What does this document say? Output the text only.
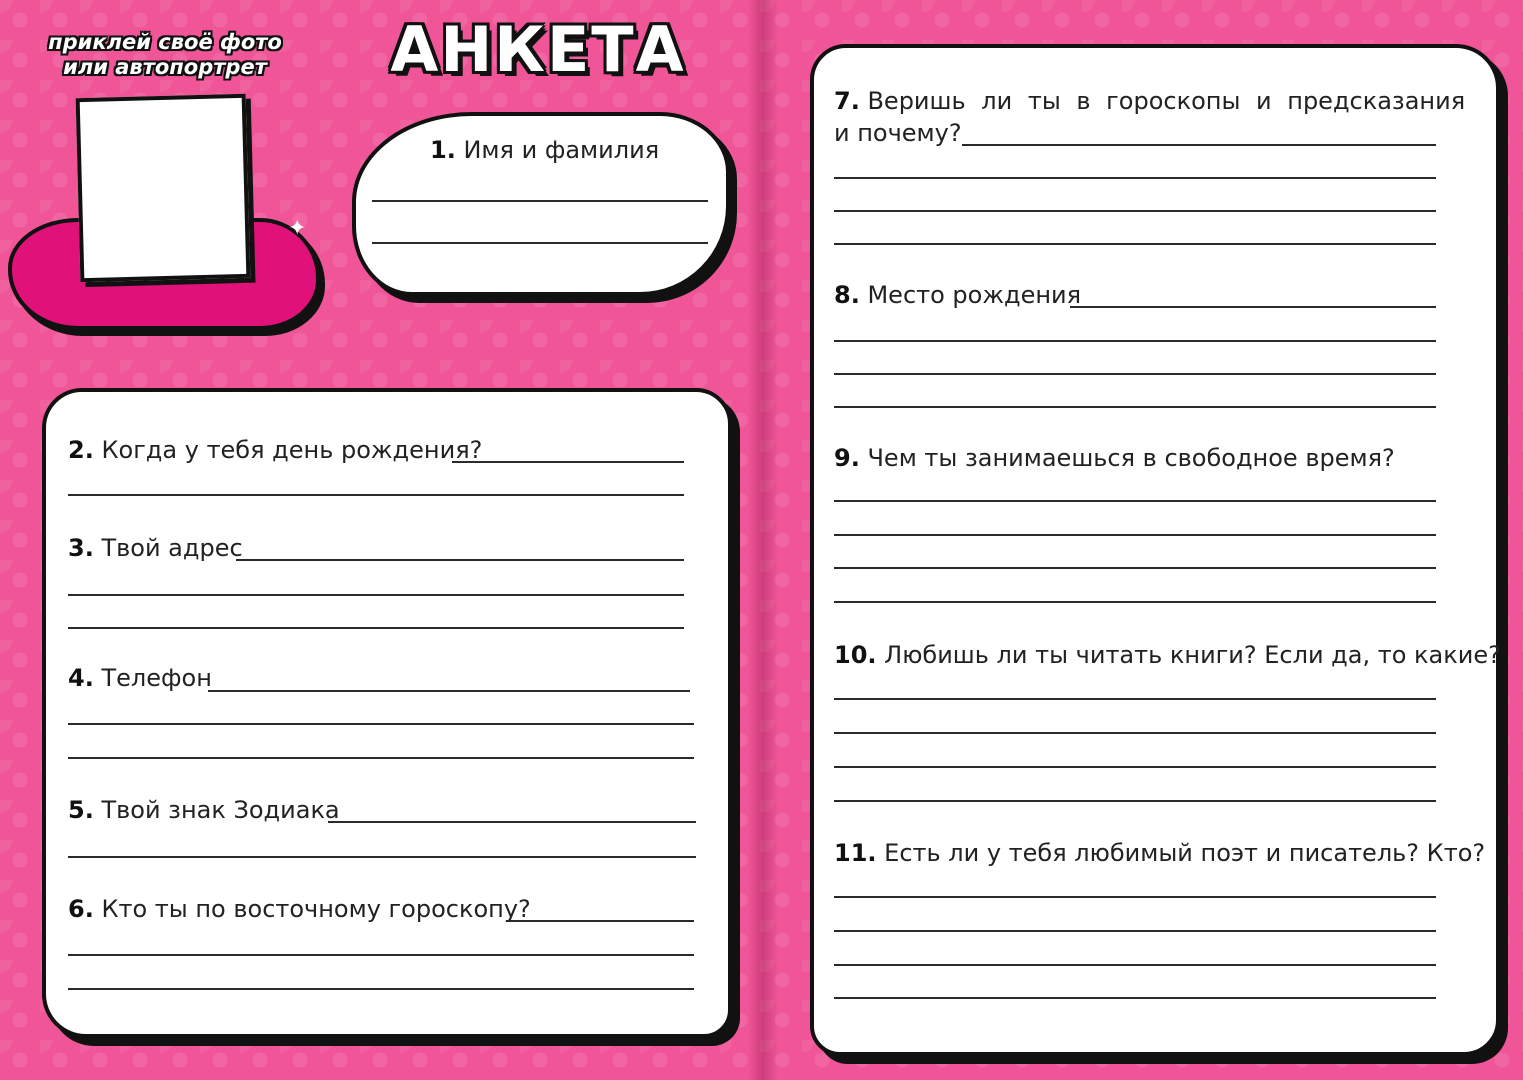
приклей своё фото
или автопортрет	АНКЕТА
✦
1. Имя и фамилия
2. Когда у тебя день рождения?
3. Твой адрес
4. Телефон
5. Твой знак Зодиака
6. Кто ты по восточному гороскопу?
7. Веришь ли ты в гороскопы и предсказания
и почему?
8. Место рождения
9. Чем ты занимаешься в свободное время?
10. Любишь ли ты читать книги? Если да, то какие?
11. Есть ли у тебя любимый поэт и писатель? Кто?
